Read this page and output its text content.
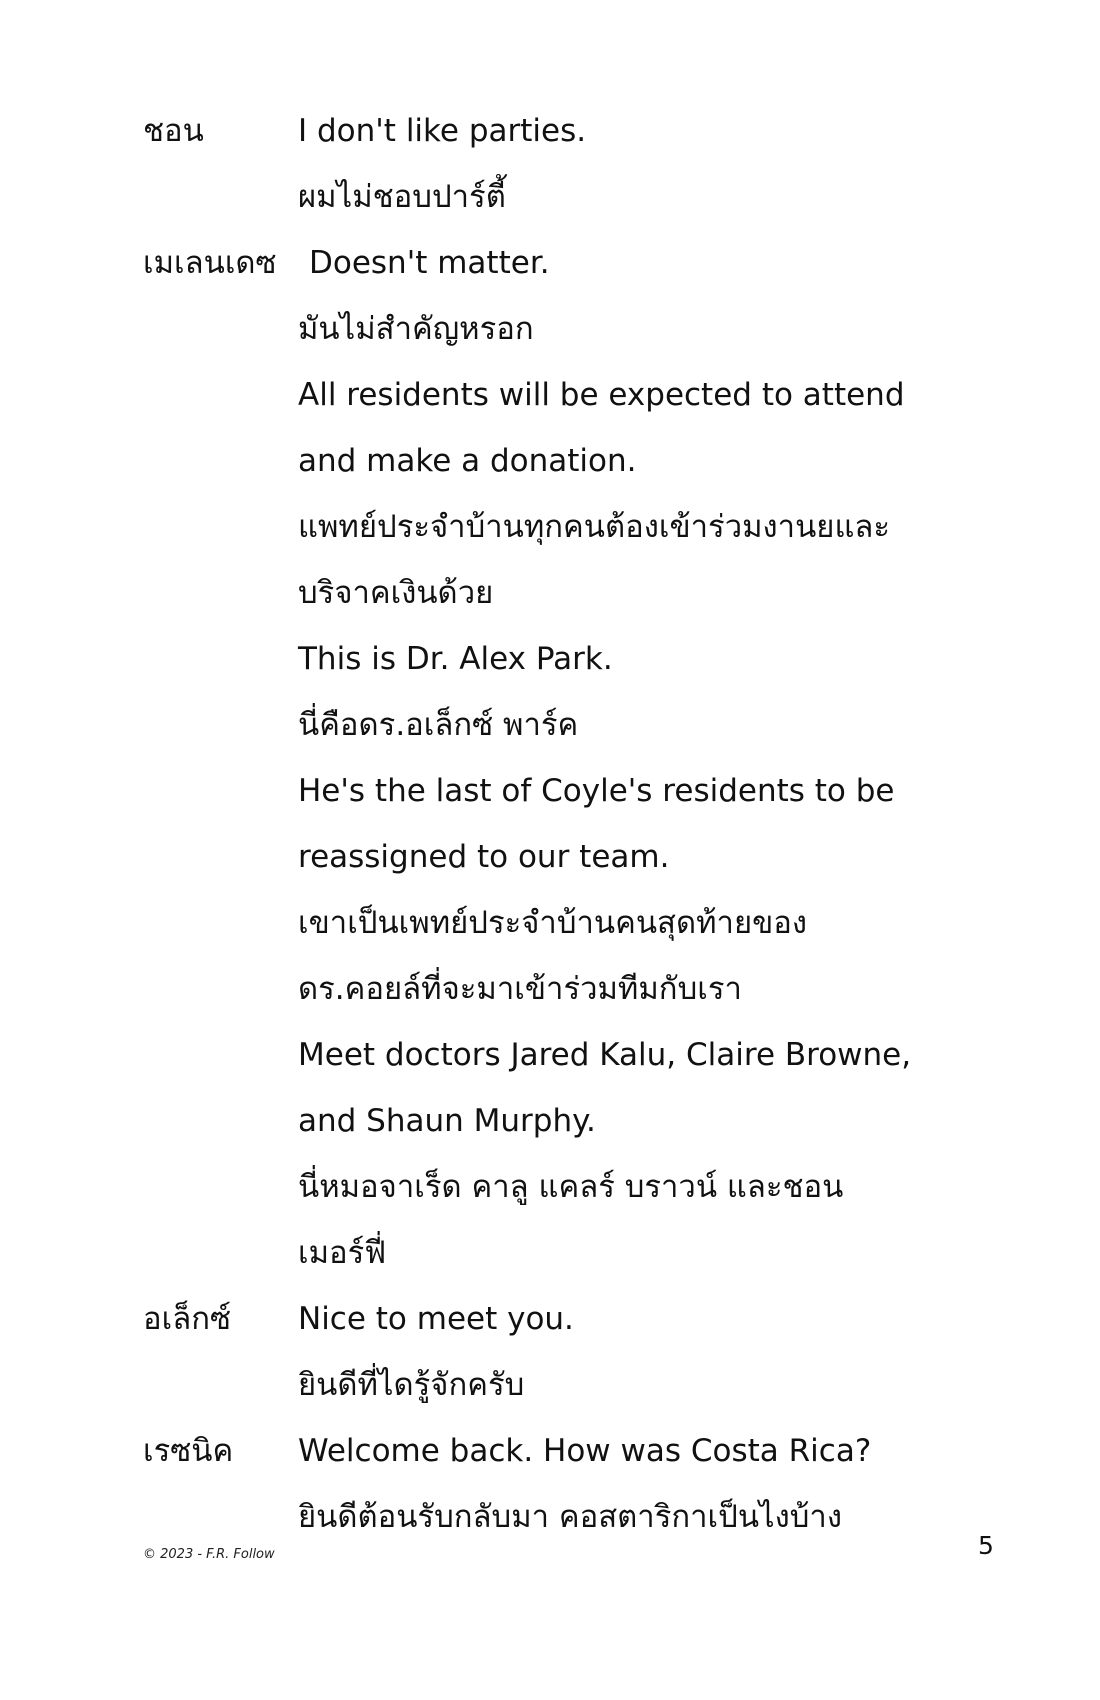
ชอน	I don't like parties.
ผมไม่ชอบปาร์ตี้
เมเลนเดซ Doesn't matter.
มันไม่สำคัญหรอก
All residents will be expected to attend
and make a donation.
แพทย์ประจำบ้านทุกคนต้องเข้าร่วมงานยและ
บริจาคเงินด้วย
This is Dr. Alex Park.
นี่คือดร.อเล็กซ์ พาร์ค
He's the last of Coyle's residents to be
reassigned to our team.
เขาเป็นเพทย์ประจำบ้านคนสุดท้ายของ
ดร.คอยล์ที่จะมาเข้าร่วมทีมกับเรา
Meet doctors Jared Kalu, Claire Browne,
and Shaun Murphy.
นี่หมอจาเร็ด คาลู แคลร์ บราวน์ และชอน
เมอร์ฟี่
อเล็กซ์ Nice to meet you.
ยินดีที่ไดรู้จักครับ
เรซนิค Welcome back. How was Costa Rica?
ยินดีต้อนรับกลับมา คอสตาริกาเป็นไงบ้าง
© 2023 - F.R. Follow	5
